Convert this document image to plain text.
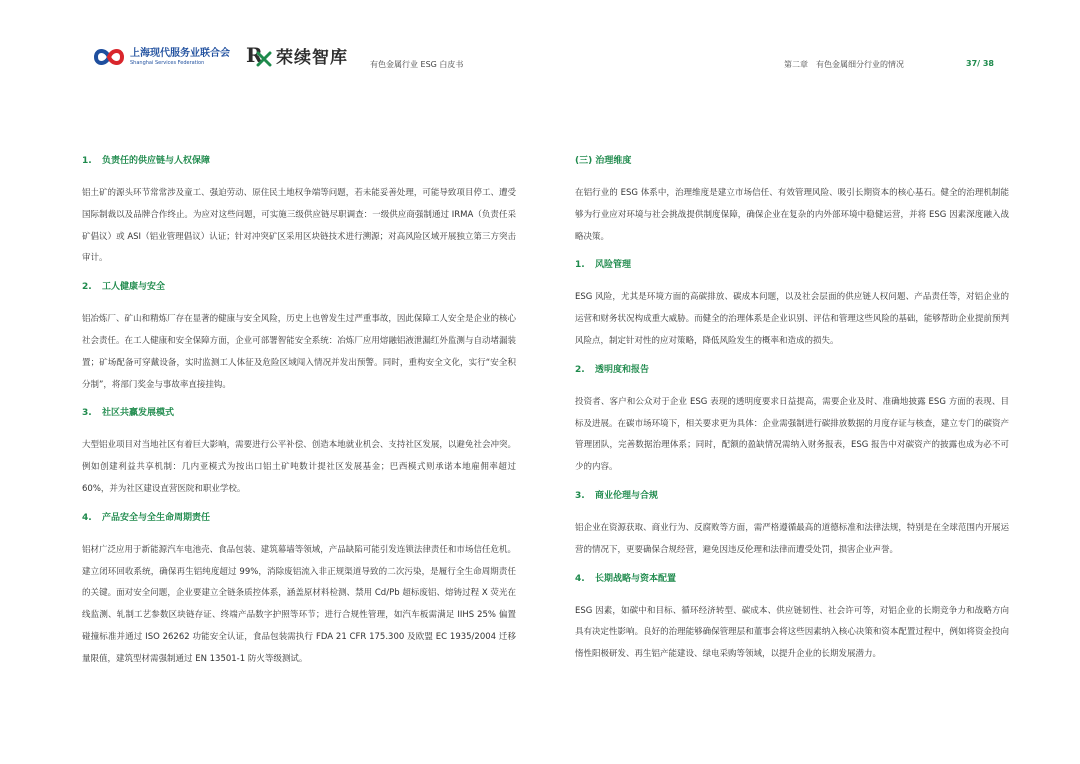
上海现代服务业联合会
Shanghai Services Federation	R 荣续智库	有色金属行业 ESG 白皮书	第二章　有色金属细分行业的情况	37/ 38
1. 负责任的供应链与人权保障
铝土矿的源头环节常常涉及童工、强迫劳动、原住民土地权争端等问题，若未能妥善处理，可能导致项目停工、遭受国际制裁以及品牌合作终止。为应对这些问题，可实施三级供应链尽职调查：一级供应商强制通过 IRMA（负责任采矿倡议）或 ASI（铝业管理倡议）认证；针对冲突矿区采用区块链技术进行溯源；对高风险区域开展独立第三方突击审计。
2. 工人健康与安全
铝冶炼厂、矿山和精炼厂存在显著的健康与安全风险，历史上也曾发生过严重事故，因此保障工人安全是企业的核心社会责任。在工人健康和安全保障方面，企业可部署智能安全系统：冶炼厂应用熔融铝液泄漏红外监测与自动堵漏装置；矿场配备可穿戴设备，实时监测工人体征及危险区域闯入情况并发出预警。同时，重构安全文化，实行“安全积分制”，将部门奖金与事故率直接挂钩。
3. 社区共赢发展模式
大型铝业项目对当地社区有着巨大影响，需要进行公平补偿、创造本地就业机会、支持社区发展，以避免社会冲突。例如创建利益共享机制：几内亚模式为按出口铝土矿吨数计提社区发展基金；巴西模式则承诺本地雇佣率超过 60%，并为社区建设直营医院和职业学校。
4. 产品安全与全生命周期责任
铝材广泛应用于新能源汽车电池壳、食品包装、建筑幕墙等领域，产品缺陷可能引发连锁法律责任和市场信任危机。建立闭环回收系统，确保再生铝纯度超过 99%，消除废铝流入非正规渠道导致的二次污染，是履行全生命周期责任的关键。面对安全问题，企业要建立全链条质控体系，涵盖原材料检测、禁用 Cd/Pb 超标废铝、熔铸过程 X 荧光在线监测、轧制工艺参数区块链存证、终端产品数字护照等环节；进行合规性管理，如汽车板需满足 IIHS 25% 偏置碰撞标准并通过 ISO 26262 功能安全认证，食品包装需执行 FDA 21 CFR 175.300 及欧盟 EC 1935/2004 迁移量限值，建筑型材需强制通过 EN 13501-1 防火等级测试。
(三) 治理维度
在铝行业的 ESG 体系中，治理维度是建立市场信任、有效管理风险、吸引长期资本的核心基石。健全的治理机制能够为行业应对环境与社会挑战提供制度保障，确保企业在复杂的内外部环境中稳健运营，并将 ESG 因素深度融入战略决策。
1. 风险管理
ESG 风险，尤其是环境方面的高碳排放、碳成本问题，以及社会层面的供应链人权问题、产品责任等，对铝企业的运营和财务状况构成重大威胁。而健全的治理体系是企业识别、评估和管理这些风险的基础，能够帮助企业提前预判风险点，制定针对性的应对策略，降低风险发生的概率和造成的损失。
2. 透明度和报告
投资者、客户和公众对于企业 ESG 表现的透明度要求日益提高，需要企业及时、准确地披露 ESG 方面的表现、目标及进展。在碳市场环境下，相关要求更为具体：企业需强制进行碳排放数据的月度存证与核查，建立专门的碳资产管理团队，完善数据治理体系；同时，配额的盈缺情况需纳入财务报表，ESG 报告中对碳资产的披露也成为必不可少的内容。
3. 商业伦理与合规
铝企业在资源获取、商业行为、反腐败等方面，需严格遵循最高的道德标准和法律法规，特别是在全球范围内开展运营的情况下，更要确保合规经营，避免因违反伦理和法律而遭受处罚，损害企业声誉。
4. 长期战略与资本配置
ESG 因素，如碳中和目标、循环经济转型、碳成本、供应链韧性、社会许可等，对铝企业的长期竞争力和战略方向具有决定性影响。良好的治理能够确保管理层和董事会将这些因素纳入核心决策和资本配置过程中，例如将资金投向惰性阳极研发、再生铝产能建设、绿电采购等领域，以提升企业的长期发展潜力。
